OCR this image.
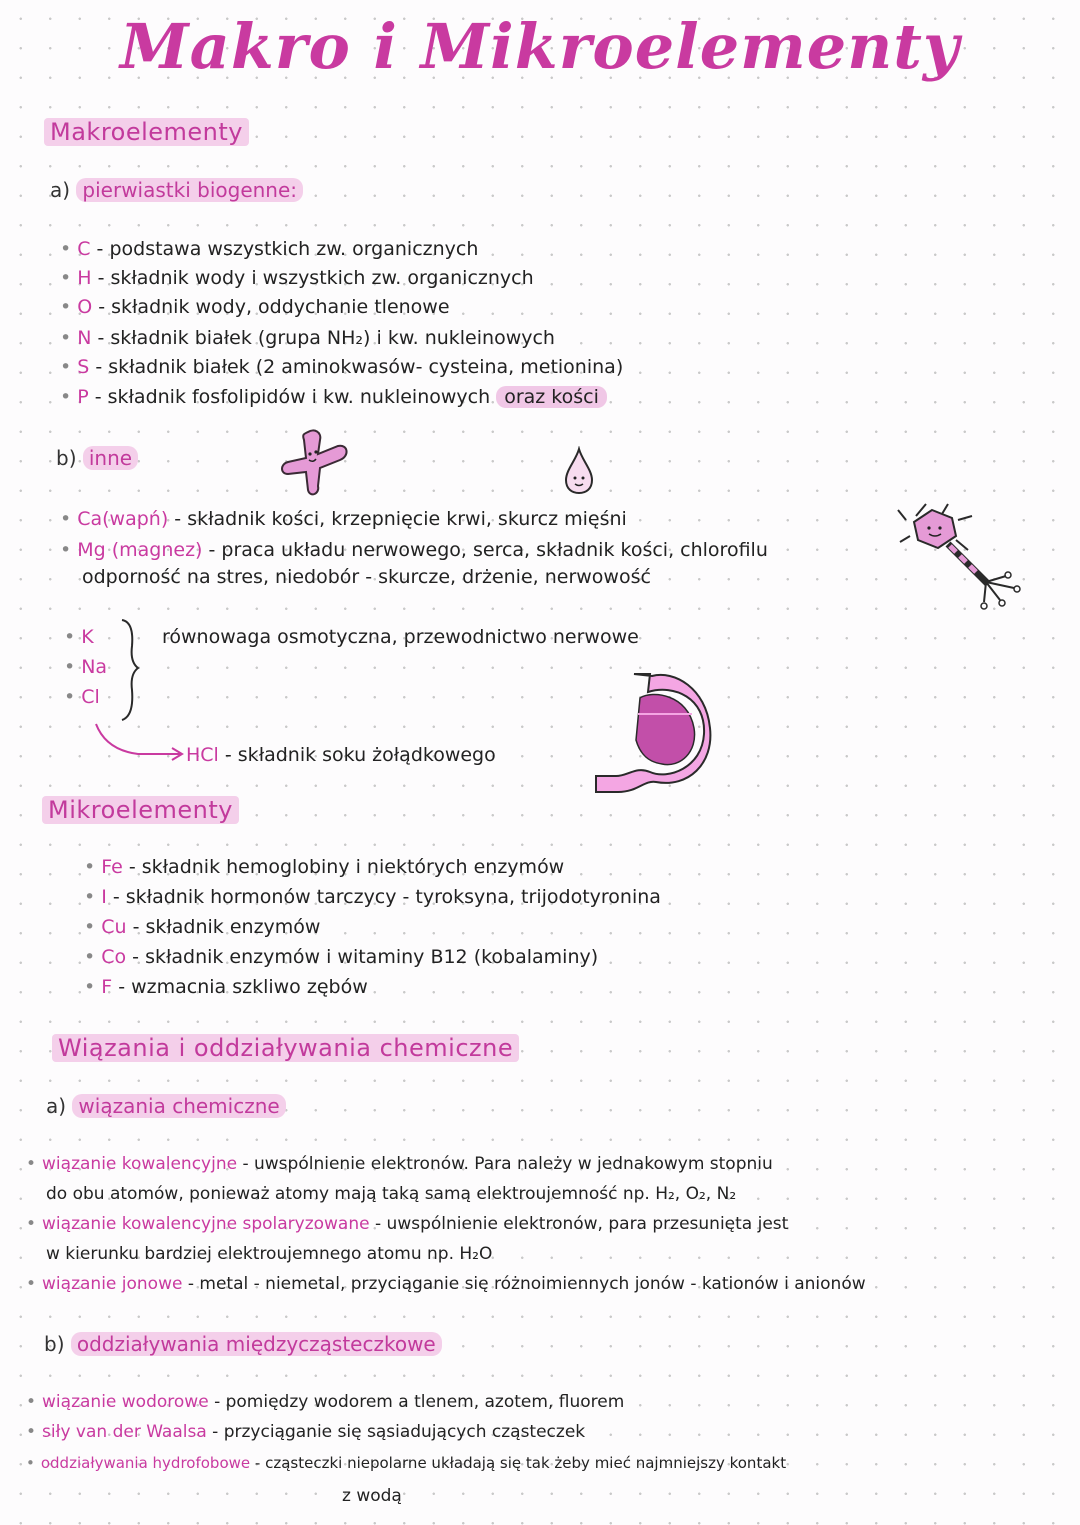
Makro i Mikroelementy
Makroelementy
a) pierwiastki biogenne:
• C - podstawa wszystkich zw. organicznych
• H - składnik wody i wszystkich zw. organicznych
• O - składnik wody, oddychanie tlenowe
• N - składnik białek (grupa NH₂) i kw. nukleinowych
• S - składnik białek (2 aminokwasów- cysteina, metionina)
• P - składnik fosfolipidów i kw. nukleinowych oraz kości
b) inne
• Ca(wapń) - składnik kości, krzepnięcie krwi, skurcz mięśni
• Mg (magnez) - praca układu nerwowego, serca, składnik kości, chlorofilu
odporność na stres, niedobór - skurcze, drżenie, nerwowość
• K
• Na
• Cl
równowaga osmotyczna, przewodnictwo nerwowe
HCl - składnik soku żołądkowego
Mikroelementy
• Fe - składnik hemoglobiny i niektórych enzymów
• I - składnik hormonów tarczycy - tyroksyna, trijodotyronina
• Cu - składnik enzymów
• Co - składnik enzymów i witaminy B12 (kobalaminy)
• F - wzmacnia szkliwo zębów
Wiązania i oddziaływania chemiczne
a) wiązania chemiczne
• wiązanie kowalencyjne - uwspólnienie elektronów. Para należy w jednakowym stopniu
do obu atomów, ponieważ atomy mają taką samą elektroujemność np. H₂, O₂, N₂
• wiązanie kowalencyjne spolaryzowane - uwspólnienie elektronów, para przesunięta jest
w kierunku bardziej elektroujemnego atomu np. H₂O
• wiązanie jonowe - metal - niemetal, przyciąganie się różnoimiennych jonów - kationów i anionów
b) oddziaływania międzycząsteczkowe
• wiązanie wodorowe - pomiędzy wodorem a tlenem, azotem, fluorem
• siły van der Waalsa - przyciąganie się sąsiadujących cząsteczek
• oddziaływania hydrofobowe - cząsteczki niepolarne układają się tak żeby mieć najmniejszy kontakt
z wodą
